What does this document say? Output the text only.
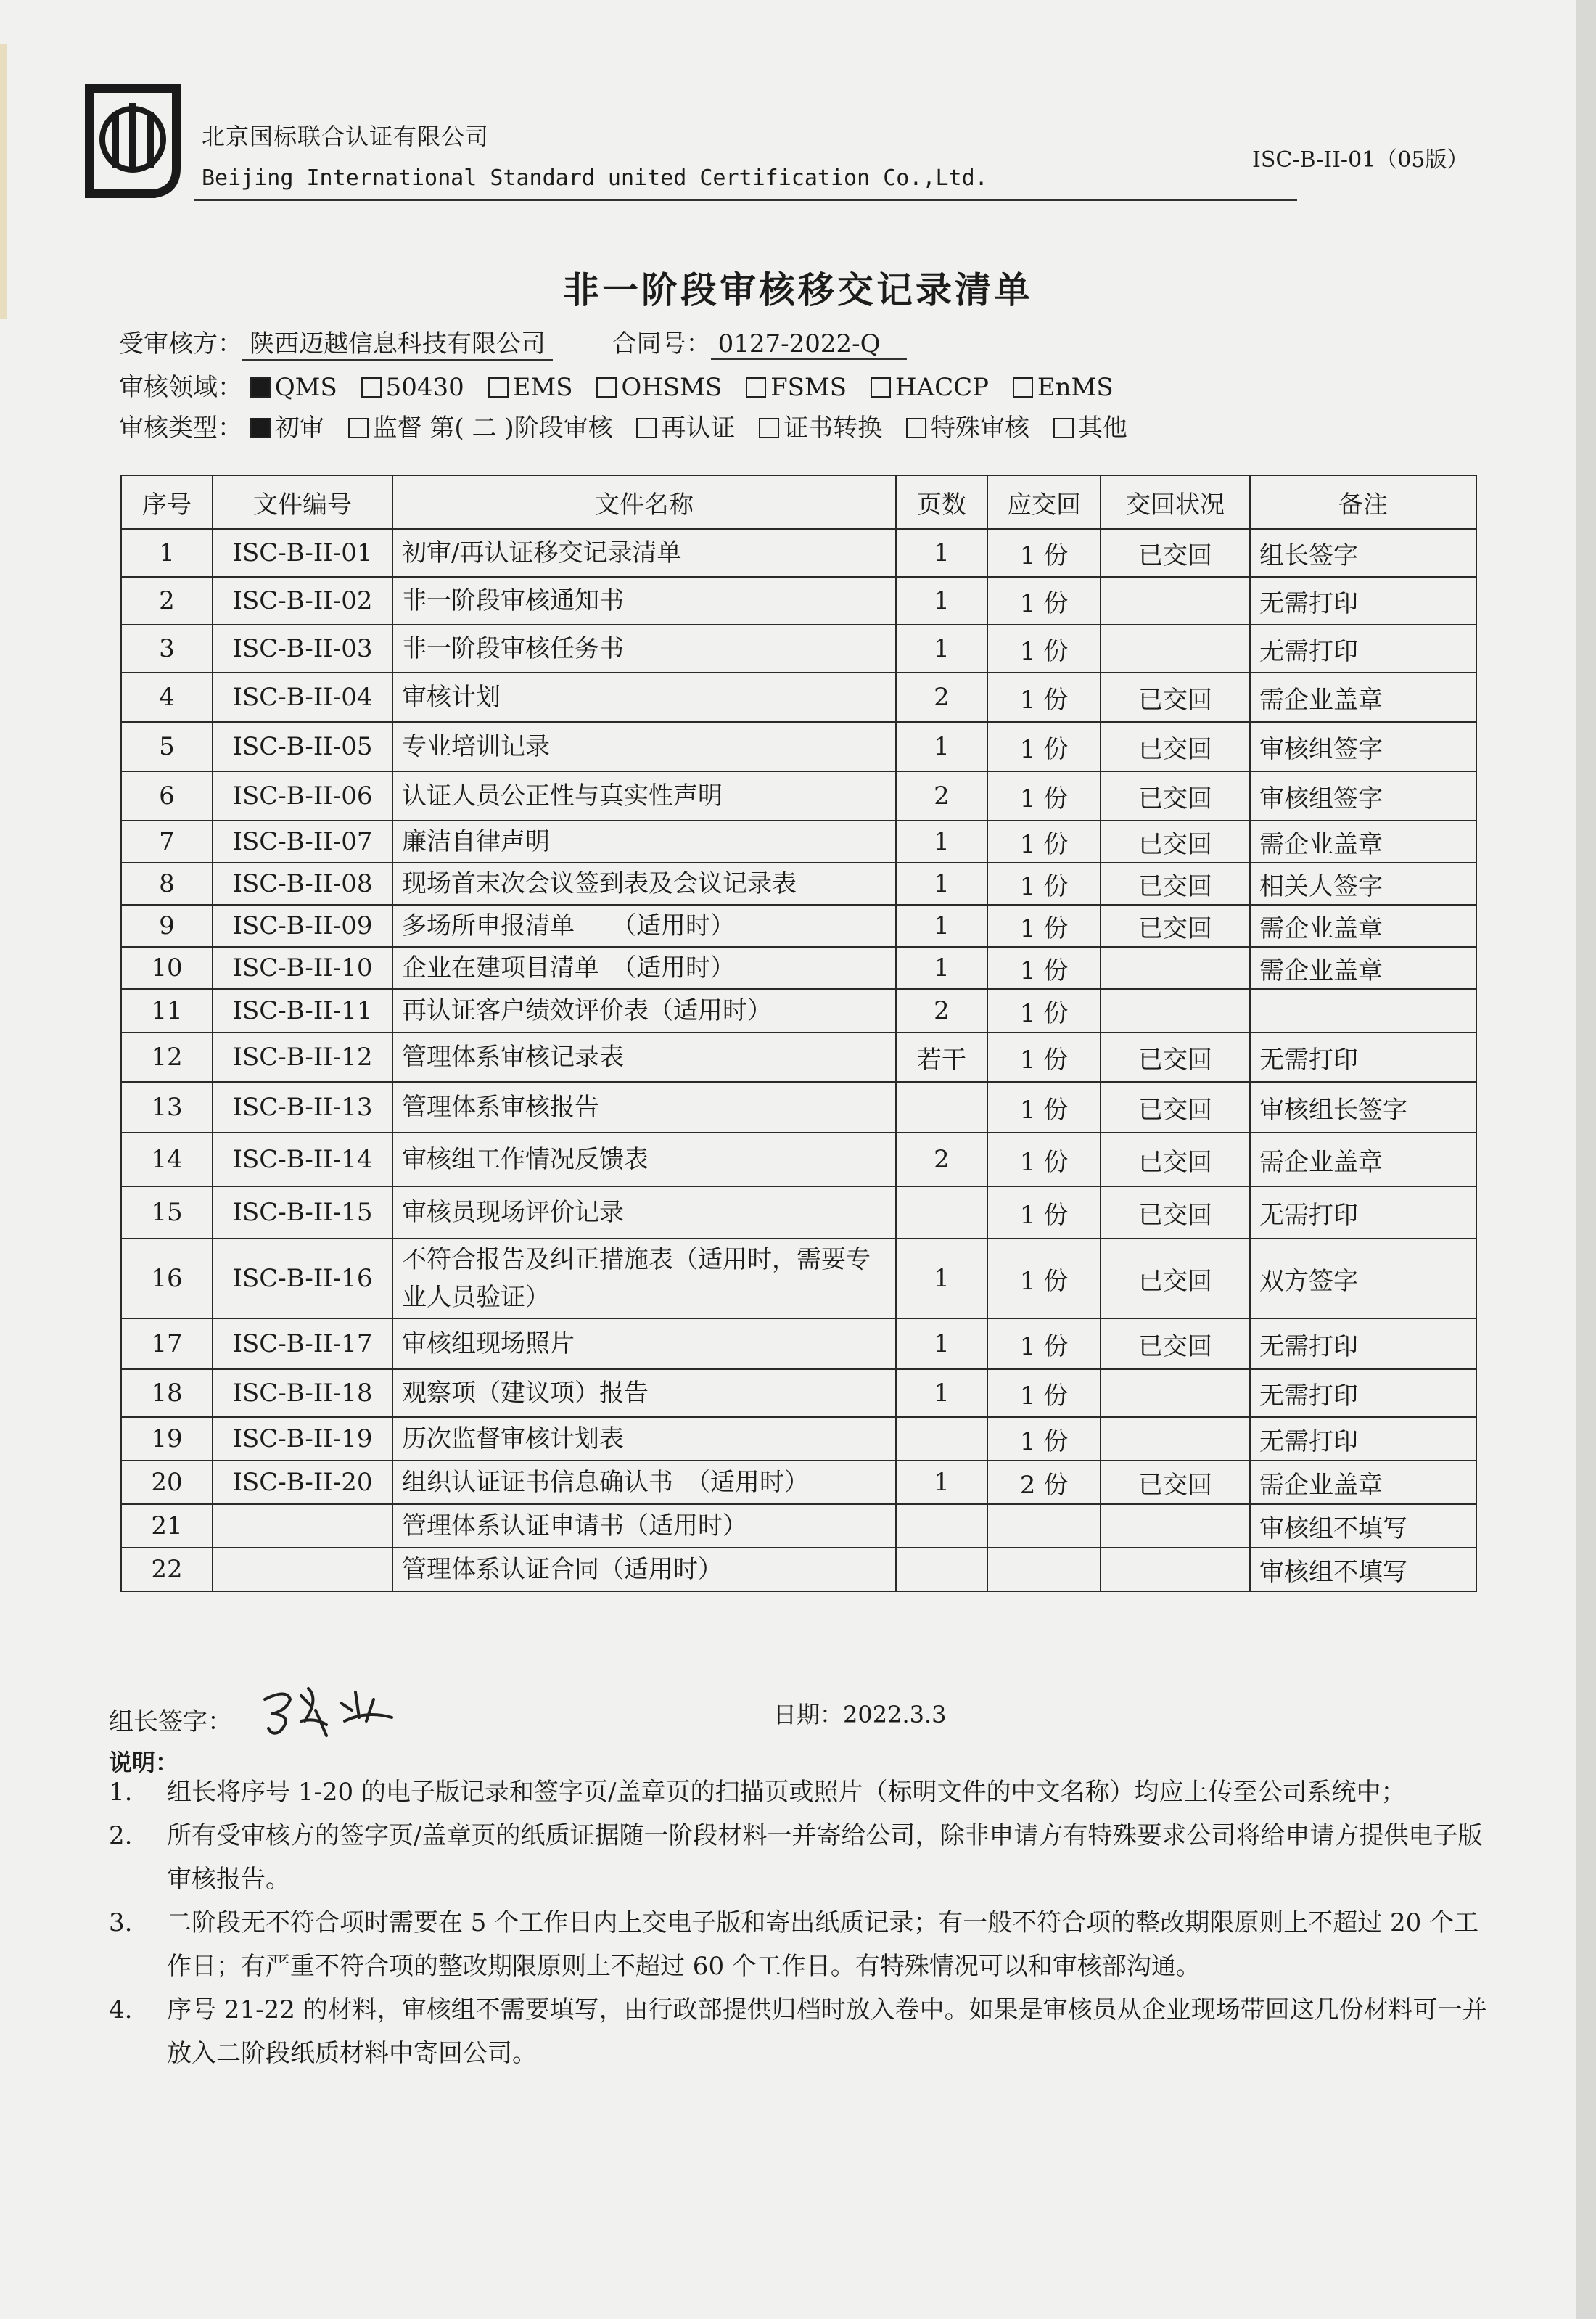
北京国标联合认证有限公司
Beijing International Standard united Certification Co.,Ltd.
ISC-B-II-01（05版）
非一阶段审核移交记录清单
受审核方： 陕西迈越信息科技有限公司	合同号： 0127-2022-Q
审核领域： QMS 50430 EMS OHSMS FSMS HACCP EnMS
审核类型： 初审 监督 第( 二 )阶段审核 再认证 证书转换 特殊审核 其他
序号	文件编号	文件名称	页数	应交回	交回状况	备注
1	ISC-B-II-01	初审/再认证移交记录清单	1	1 份	已交回	组长签字
2	ISC-B-II-02	非一阶段审核通知书	1	1 份		无需打印
3	ISC-B-II-03	非一阶段审核任务书	1	1 份		无需打印
4	ISC-B-II-04	审核计划	2	1 份	已交回	需企业盖章
5	ISC-B-II-05	专业培训记录	1	1 份	已交回	审核组签字
6	ISC-B-II-06	认证人员公正性与真实性声明	2	1 份	已交回	审核组签字
7	ISC-B-II-07	廉洁自律声明	1	1 份	已交回	需企业盖章
8	ISC-B-II-08	现场首末次会议签到表及会议记录表	1	1 份	已交回	相关人签字
9	ISC-B-II-09	多场所申报清单　　（适用时）	1	1 份	已交回	需企业盖章
10	ISC-B-II-10	企业在建项目清单　（适用时）	1	1 份		需企业盖章
11	ISC-B-II-11	再认证客户绩效评价表（适用时）	2	1 份		
12	ISC-B-II-12	管理体系审核记录表	若干	1 份	已交回	无需打印
13	ISC-B-II-13	管理体系审核报告		1 份	已交回	审核组长签字
14	ISC-B-II-14	审核组工作情况反馈表	2	1 份	已交回	需企业盖章
15	ISC-B-II-15	审核员现场评价记录		1 份	已交回	无需打印
16	ISC-B-II-16	不符合报告及纠正措施表（适用时，需要专业人员验证）	1	1 份	已交回	双方签字
17	ISC-B-II-17	审核组现场照片	1	1 份	已交回	无需打印
18	ISC-B-II-18	观察项（建议项）报告	1	1 份		无需打印
19	ISC-B-II-19	历次监督审核计划表		1 份		无需打印
20	ISC-B-II-20	组织认证证书信息确认书　（适用时）	1	2 份	已交回	需企业盖章
21		管理体系认证申请书（适用时）				审核组不填写
22		管理体系认证合同（适用时）				审核组不填写
组长签字：	日期：2022.3.3
说明：
1. 组长将序号 1-20 的电子版记录和签字页/盖章页的扫描页或照片（标明文件的中文名称）均应上传至公司系统中；
2. 所有受审核方的签字页/盖章页的纸质证据随一阶段材料一并寄给公司，除非申请方有特殊要求公司将给申请方提供电子版审核报告。
3. 二阶段无不符合项时需要在 5 个工作日内上交电子版和寄出纸质记录；有一般不符合项的整改期限原则上不超过 20 个工作日；有严重不符合项的整改期限原则上不超过 60 个工作日。有特殊情况可以和审核部沟通。
4. 序号 21-22 的材料，审核组不需要填写，由行政部提供归档时放入卷中。如果是审核员从企业现场带回这几份材料可一并放入二阶段纸质材料中寄回公司。
